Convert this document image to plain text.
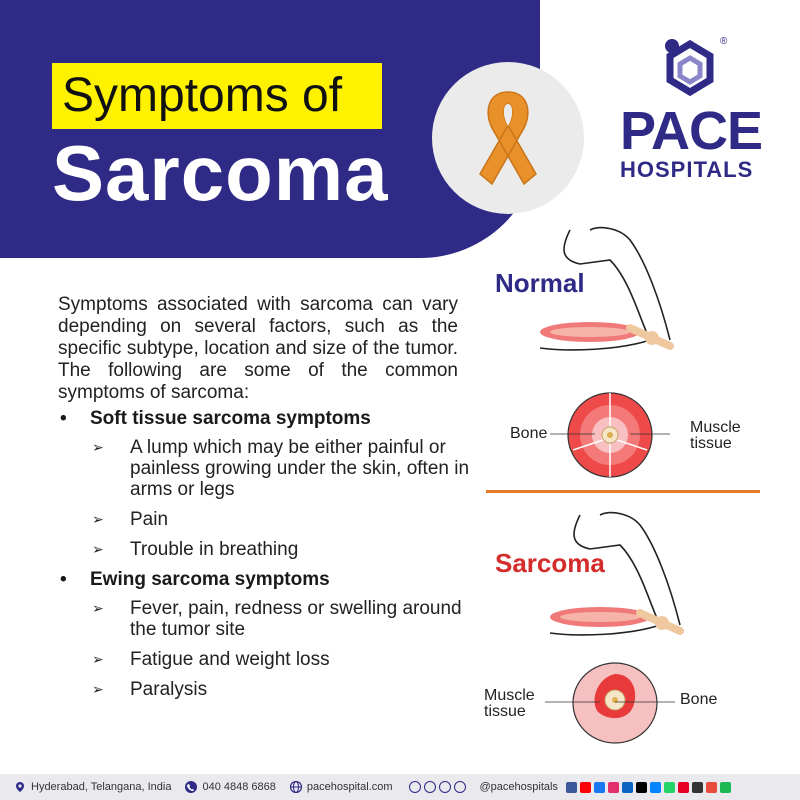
Symptoms of
Sarcoma
®
PACE
HOSPITALS

Symptoms associated with sarcoma can vary depending on several factors, such as the specific subtype, location and size of the tumor. The following are some of the common symptoms of sarcoma:

• Soft tissue sarcoma symptoms
➢ A lump which may be either painful or painless growing under the skin, often in arms or legs
➢ Pain
➢ Trouble in breathing
• Ewing sarcoma symptoms
➢ Fever, pain, redness or swelling around the tumor site
➢ Fatigue and weight loss
➢ Paralysis
Normal
Bone	Muscle
tissue
Sarcoma
Muscle
tissue
Bone
Hyderabad, Telangana, India	040 4848 6868	pacehospital.com	@pacehospitals
